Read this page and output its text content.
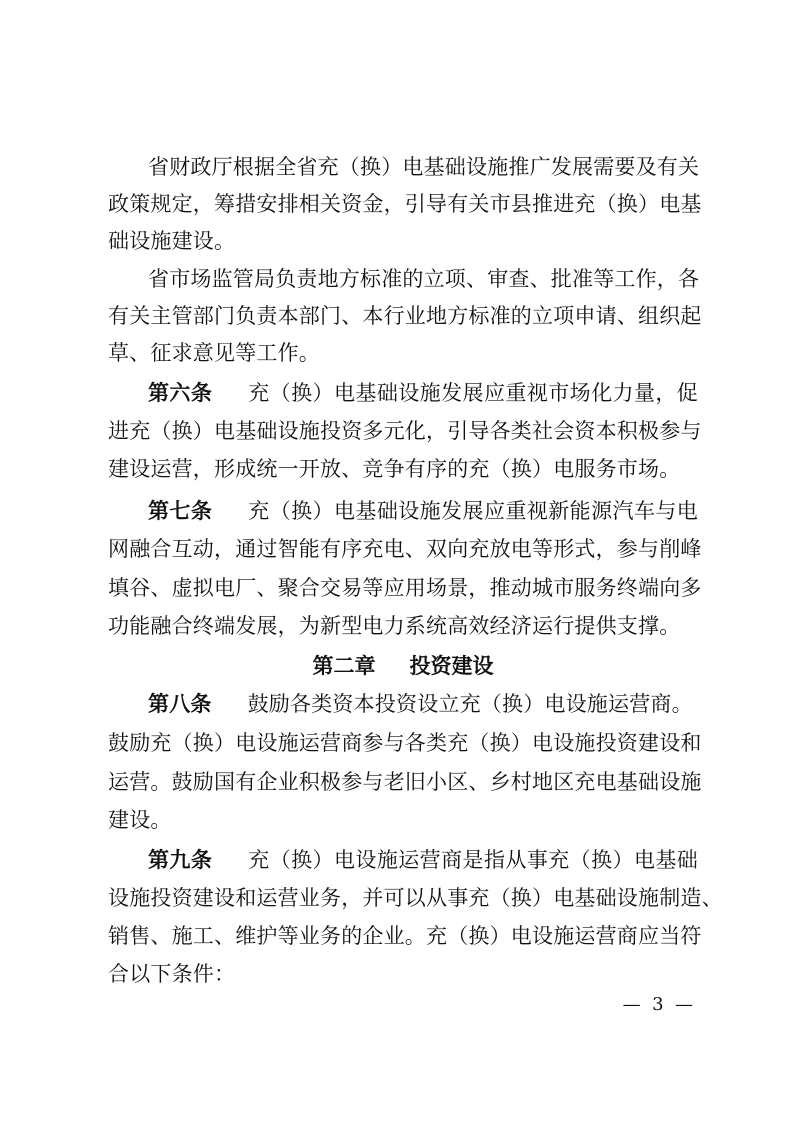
省财政厅根据全省充（换）电基础设施推广发展需要及有关
政策规定，筹措安排相关资金，引导有关市县推进充（换）电基
础设施建设。
省市场监管局负责地方标准的立项、审查、批准等工作，各
有关主管部门负责本部门、本行业地方标准的立项申请、组织起
草、征求意见等工作。
第六条 充（换）电基础设施发展应重视市场化力量，促
进充（换）电基础设施投资多元化，引导各类社会资本积极参与
建设运营，形成统一开放、竞争有序的充（换）电服务市场。
第七条 充（换）电基础设施发展应重视新能源汽车与电
网融合互动，通过智能有序充电、双向充放电等形式，参与削峰
填谷、虚拟电厂、聚合交易等应用场景，推动城市服务终端向多
功能融合终端发展，为新型电力系统高效经济运行提供支撑。
第二章 投资建设
第八条 鼓励各类资本投资设立充（换）电设施运营商。
鼓励充（换）电设施运营商参与各类充（换）电设施投资建设和
运营。鼓励国有企业积极参与老旧小区、乡村地区充电基础设施
建设。
第九条 充（换）电设施运营商是指从事充（换）电基础
设施投资建设和运营业务，并可以从事充（换）电基础设施制造、
销售、施工、维护等业务的企业。充（换）电设施运营商应当符
合以下条件：
—  3  —
